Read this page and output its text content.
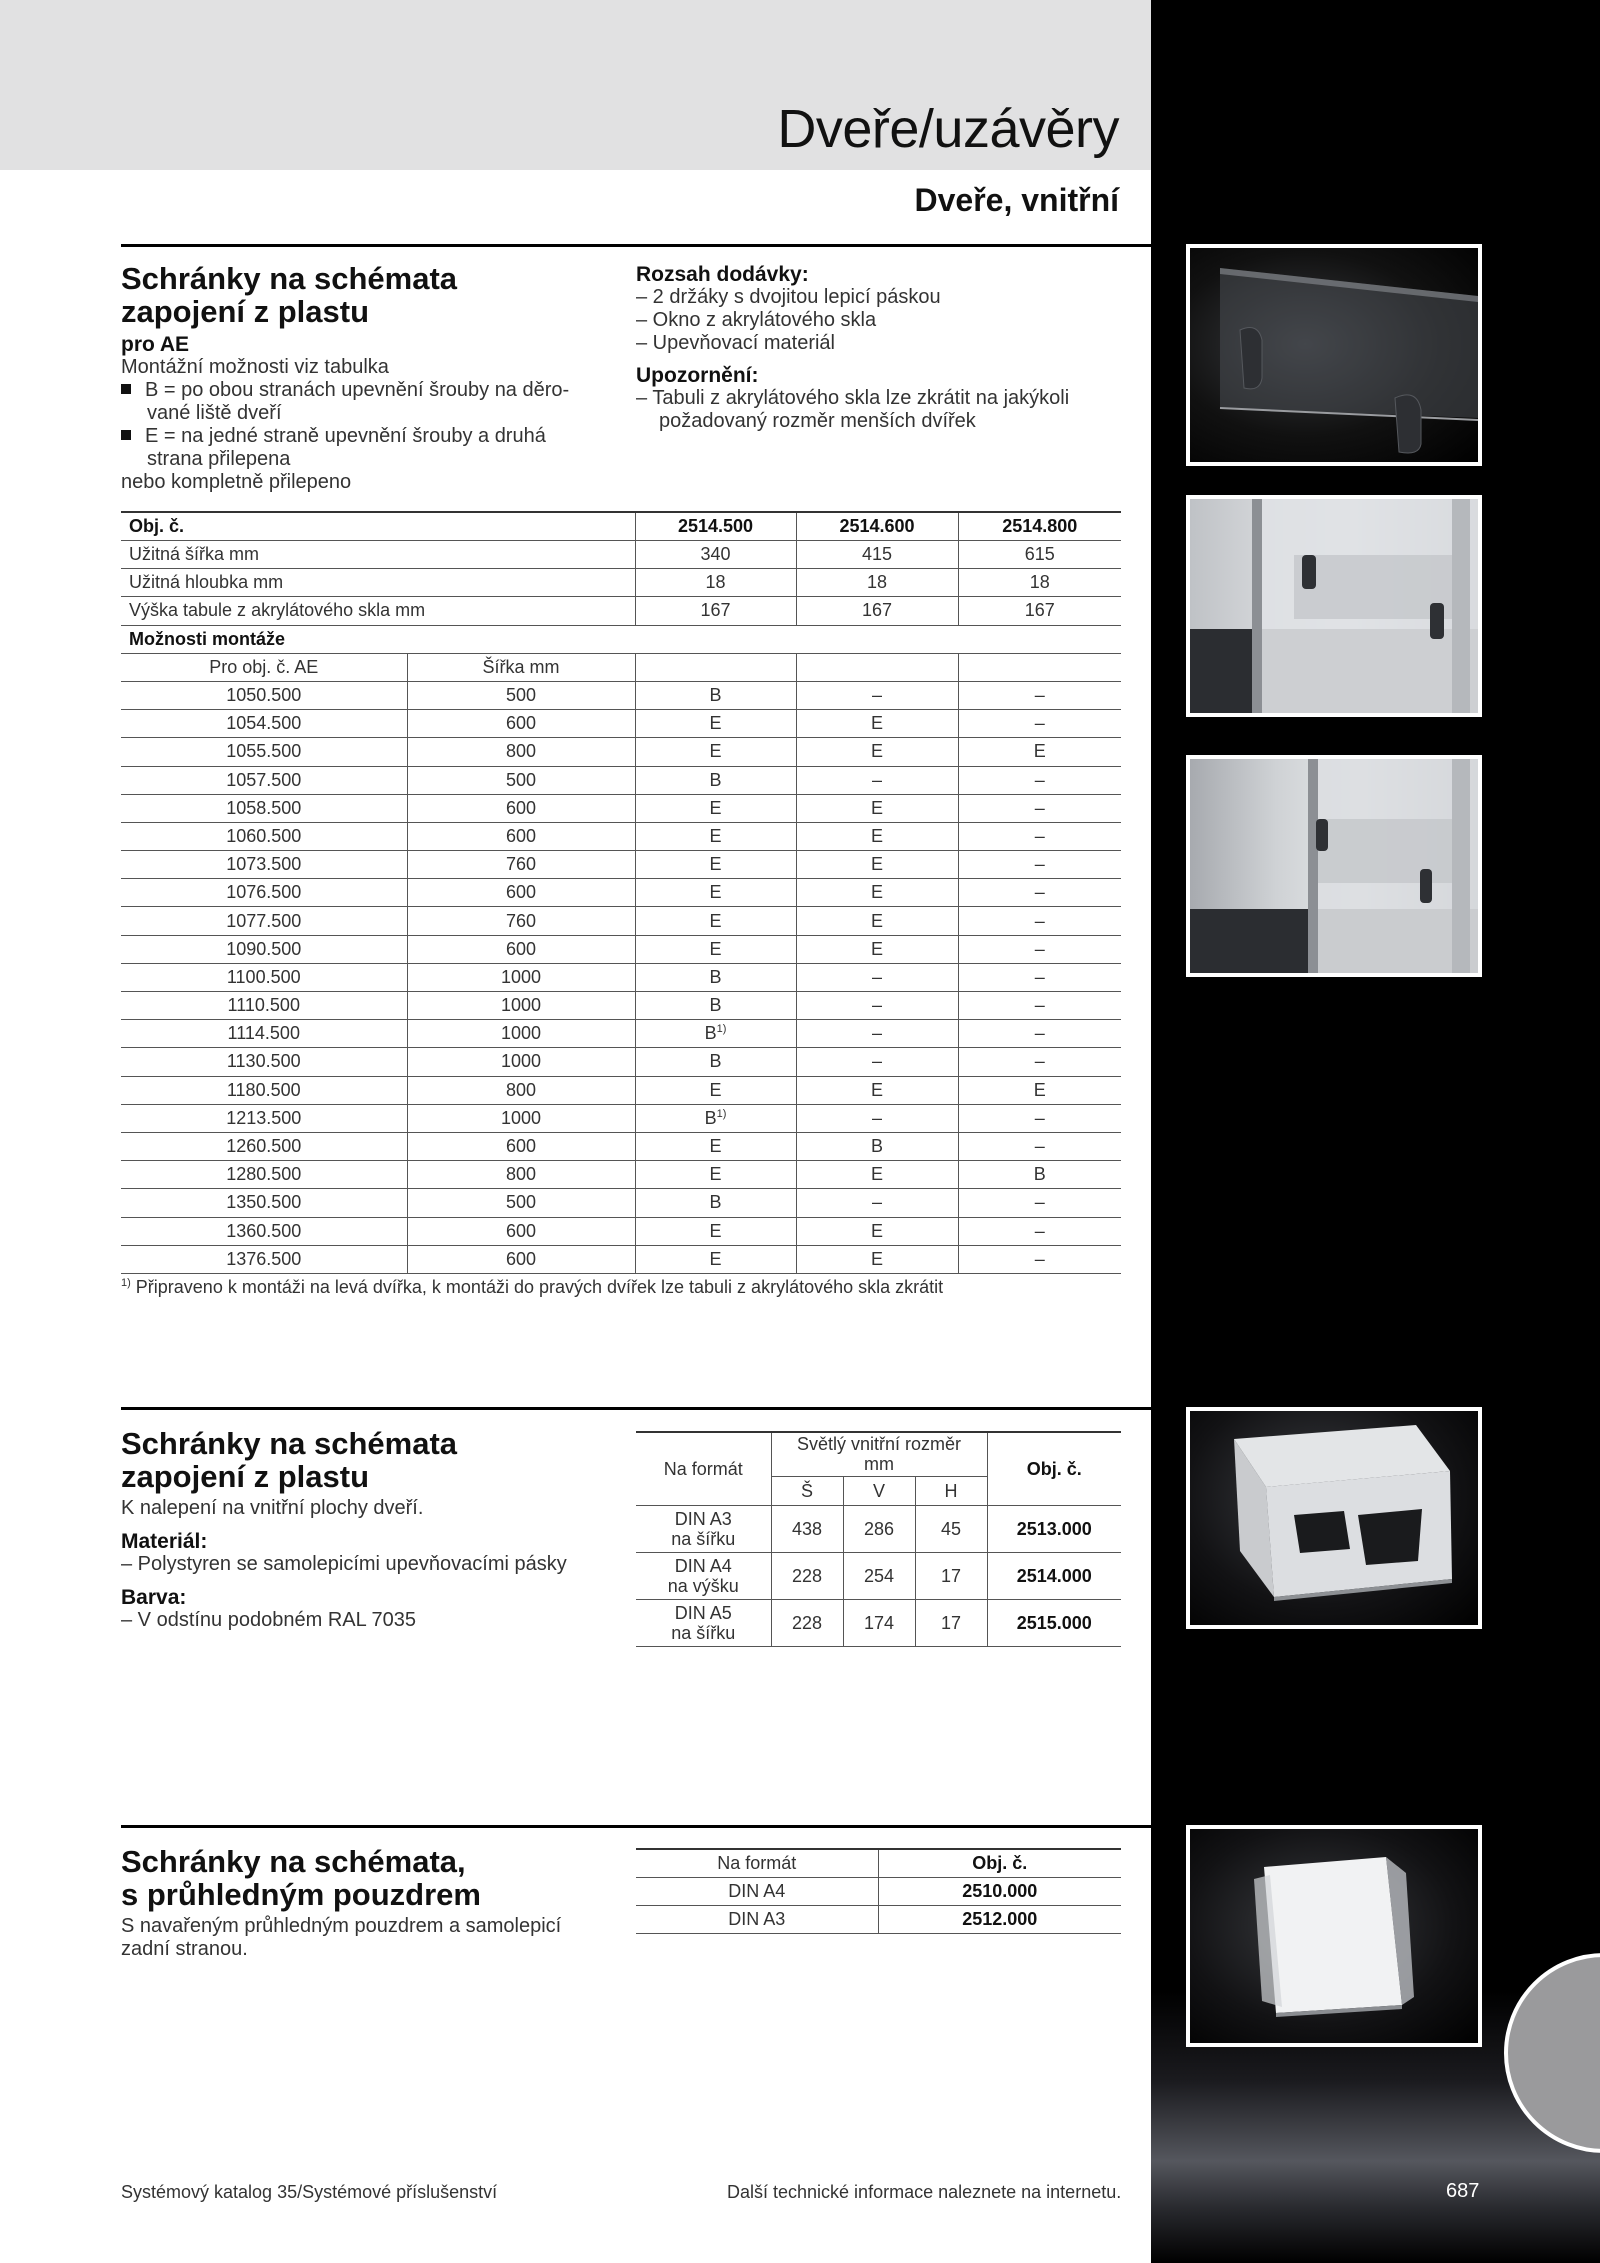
Dveře/uzávěry
Dveře, vnitřní
Schránky na schémata
zapojení z plastu
pro AE
Montážní možnosti viz tabulka
B = po obou stranách upevnění šrouby na děro-
vané liště dveří
E = na jedné straně upevnění šrouby a druhá
strana přilepena
nebo kompletně přilepeno
Rozsah dodávky:
– 2 držáky s dvojitou lepicí páskou
– Okno z akrylátového skla
– Upevňovací materiál
Upozornění:
– Tabuli z akrylátového skla lze zkrátit na jakýkoli
požadovaný rozměr menších dvířek
Obj. č.		2514.500	2514.600	2514.800
Užitná šířka mm		340	415	615
Užitná hloubka mm		18	18	18
Výška tabule z akrylátového skla mm		167	167	167
Možnosti montáže				
Pro obj. č. AE	Šířka mm			
1050.500	500	B	–	–
1054.500	600	E	E	–
1055.500	800	E	E	E
1057.500	500	B	–	–
1058.500	600	E	E	–
1060.500	600	E	E	–
1073.500	760	E	E	–
1076.500	600	E	E	–
1077.500	760	E	E	–
1090.500	600	E	E	–
1100.500	1000	B	–	–
1110.500	1000	B	–	–
1114.500	1000	$B^{1)}$	–	–
1130.500	1000	B	–	–
1180.500	800	E	E	E
1213.500	1000	$B^{1)}$	–	–
1260.500	600	E	B	–
1280.500	800	E	E	B
1350.500	500	B	–	–
1360.500	600	E	E	–
1376.500	600	E	E	–
$^{1)}$ Připraveno k montáži na levá dvířka, k montáži do pravých dvířek lze tabuli z akrylátového skla zkrátit
Schránky na schémata
zapojení z plastu
K nalepení na vnitřní plochy dveří.
Materiál:
– Polystyren se samolepicími upevňovacími pásky
Barva:
– V odstínu podobném RAL 7035
Na formát	Světlý vnitřní rozměr
mm			Obj. č.
	Š	V	H	

DIN A3
na šířku	438	286	45	2513.000

DIN A4
na výšku	228	254	17	2514.000

DIN A5
na šířku	228	174	17	2515.000
Schránky na schémata,
s průhledným pouzdrem
S navařeným průhledným pouzdrem a samolepicí
zadní stranou.
Na formát	Obj. č.
DIN A4	2510.000
DIN A3	2512.000
Systémový katalog 35/Systémové příslušenství	Další technické informace naleznete na internetu.	687
